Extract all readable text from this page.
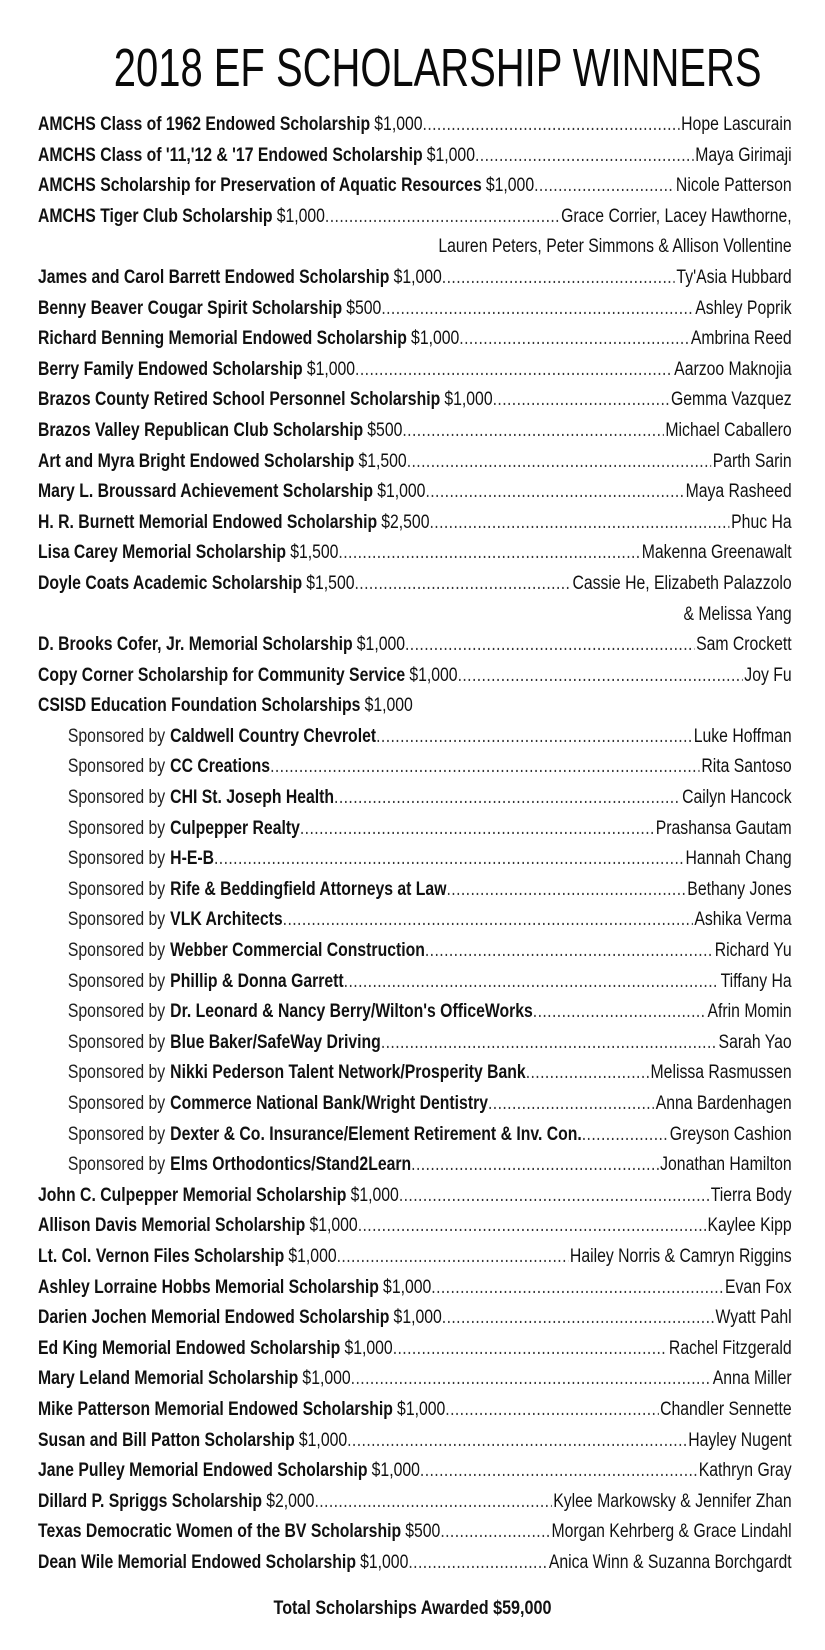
2018 EF SCHOLARSHIP WINNERS
AMCHS Class of 1962 Endowed Scholarship $1,000 .....	Hope Lascurain
AMCHS Class of '11,'12 & '17 Endowed Scholarship $1,000 .....	Maya Girimaji
AMCHS Scholarship for Preservation of Aquatic Resources $1,000 .....	Nicole Patterson
AMCHS Tiger Club Scholarship $1,000 .....	Grace Corrier, Lacey Hawthorne,
Lauren Peters, Peter Simmons & Allison Vollentine
James and Carol Barrett Endowed Scholarship $1,000 .....	Ty'Asia Hubbard
Benny Beaver Cougar Spirit Scholarship $500 .....	Ashley Poprik
Richard Benning Memorial Endowed Scholarship $1,000 .....	Ambrina Reed
Berry Family Endowed Scholarship $1,000 .....	Aarzoo Maknojia
Brazos County Retired School Personnel Scholarship $1,000 .....	Gemma Vazquez
Brazos Valley Republican Club Scholarship $500 .....	Michael Caballero
Art and Myra Bright Endowed Scholarship $1,500 .....	Parth Sarin
Mary L. Broussard Achievement Scholarship $1,000 .....	Maya Rasheed
H. R. Burnett Memorial Endowed Scholarship $2,500 .....	Phuc Ha
Lisa Carey Memorial Scholarship $1,500 .....	Makenna Greenawalt
Doyle Coats Academic Scholarship $1,500 .....	Cassie He, Elizabeth Palazzolo
& Melissa Yang
D. Brooks Cofer, Jr. Memorial Scholarship $1,000 .....	Sam Crockett
Copy Corner Scholarship for Community Service $1,000 .....	Joy Fu
CSISD Education Foundation Scholarships $1,000
Sponsored by Caldwell Country Chevrolet .....	Luke Hoffman
Sponsored by CC Creations .....	Rita Santoso
Sponsored by CHI St. Joseph Health .....	Cailyn Hancock
Sponsored by Culpepper Realty .....	Prashansa Gautam
Sponsored by H-E-B .....	Hannah Chang
Sponsored by Rife & Beddingfield Attorneys at Law .....	Bethany Jones
Sponsored by VLK Architects .....	Ashika Verma
Sponsored by Webber Commercial Construction .....	Richard Yu
Sponsored by Phillip & Donna Garrett .....	Tiffany Ha
Sponsored by Dr. Leonard & Nancy Berry/Wilton's OfficeWorks .....	Afrin Momin
Sponsored by Blue Baker/SafeWay Driving .....	Sarah Yao
Sponsored by Nikki Pederson Talent Network/Prosperity Bank .....	Melissa Rasmussen
Sponsored by Commerce National Bank/Wright Dentistry .....	Anna Bardenhagen
Sponsored by Dexter & Co. Insurance/Element Retirement & Inv. Con. .....	Greyson Cashion
Sponsored by Elms Orthodontics/Stand2Learn .....	Jonathan Hamilton
John C. Culpepper Memorial Scholarship $1,000 .....	Tierra Body
Allison Davis Memorial Scholarship $1,000 .....	Kaylee Kipp
Lt. Col. Vernon Files Scholarship $1,000 .....	Hailey Norris & Camryn Riggins
Ashley Lorraine Hobbs Memorial Scholarship $1,000 .....	Evan Fox
Darien Jochen Memorial Endowed Scholarship $1,000 .....	Wyatt Pahl
Ed King Memorial Endowed Scholarship $1,000 .....	Rachel Fitzgerald
Mary Leland Memorial Scholarship $1,000 .....	Anna Miller
Mike Patterson Memorial Endowed Scholarship $1,000 .....	Chandler Sennette
Susan and Bill Patton Scholarship $1,000 .....	Hayley Nugent
Jane Pulley Memorial Endowed Scholarship $1,000 .....	Kathryn Gray
Dillard P. Spriggs Scholarship $2,000 .....	Kylee Markowsky & Jennifer Zhan
Texas Democratic Women of the BV Scholarship $500 .....	Morgan Kehrberg & Grace Lindahl
Dean Wile Memorial Endowed Scholarship $1,000 .....	Anica Winn & Suzanna Borchgardt
Total Scholarships Awarded $59,000
